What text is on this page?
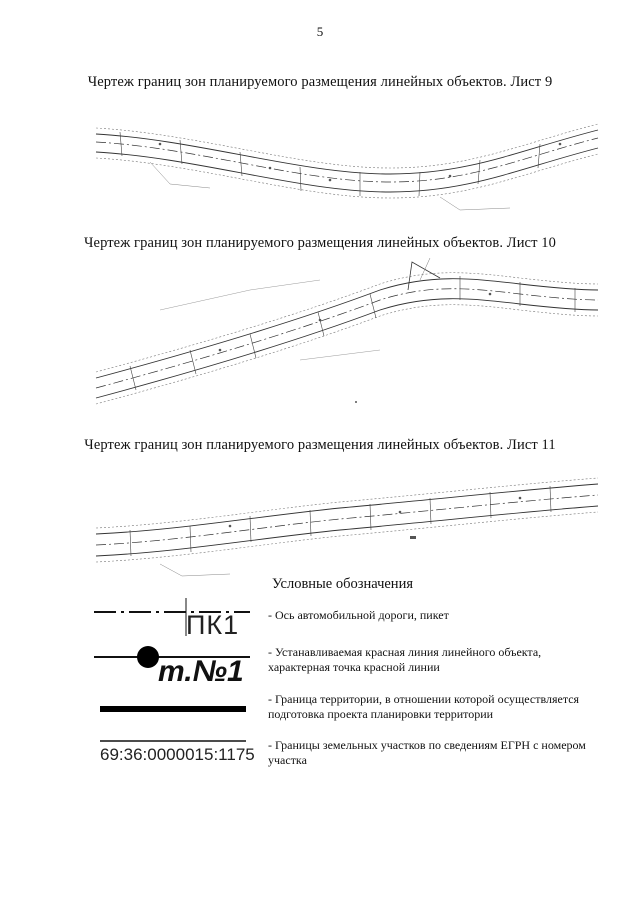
5
Чертеж границ зон планируемого размещения линейных объектов. Лист 9
Чертеж границ зон планируемого размещения линейных объектов. Лист 10
Чертеж границ зон планируемого размещения линейных объектов. Лист 11
Условные обозначения
ПК1 - Ось автомобильной дороги, пикет
т.№1
- Устанавливаемая красная линия линейного объекта, характерная точка красной линии
- Граница территории, в отношении которой осуществляется подготовка проекта планировки территории
69:36:0000015:1175 - Границы земельных участков по сведениям ЕГРН с номером участка
